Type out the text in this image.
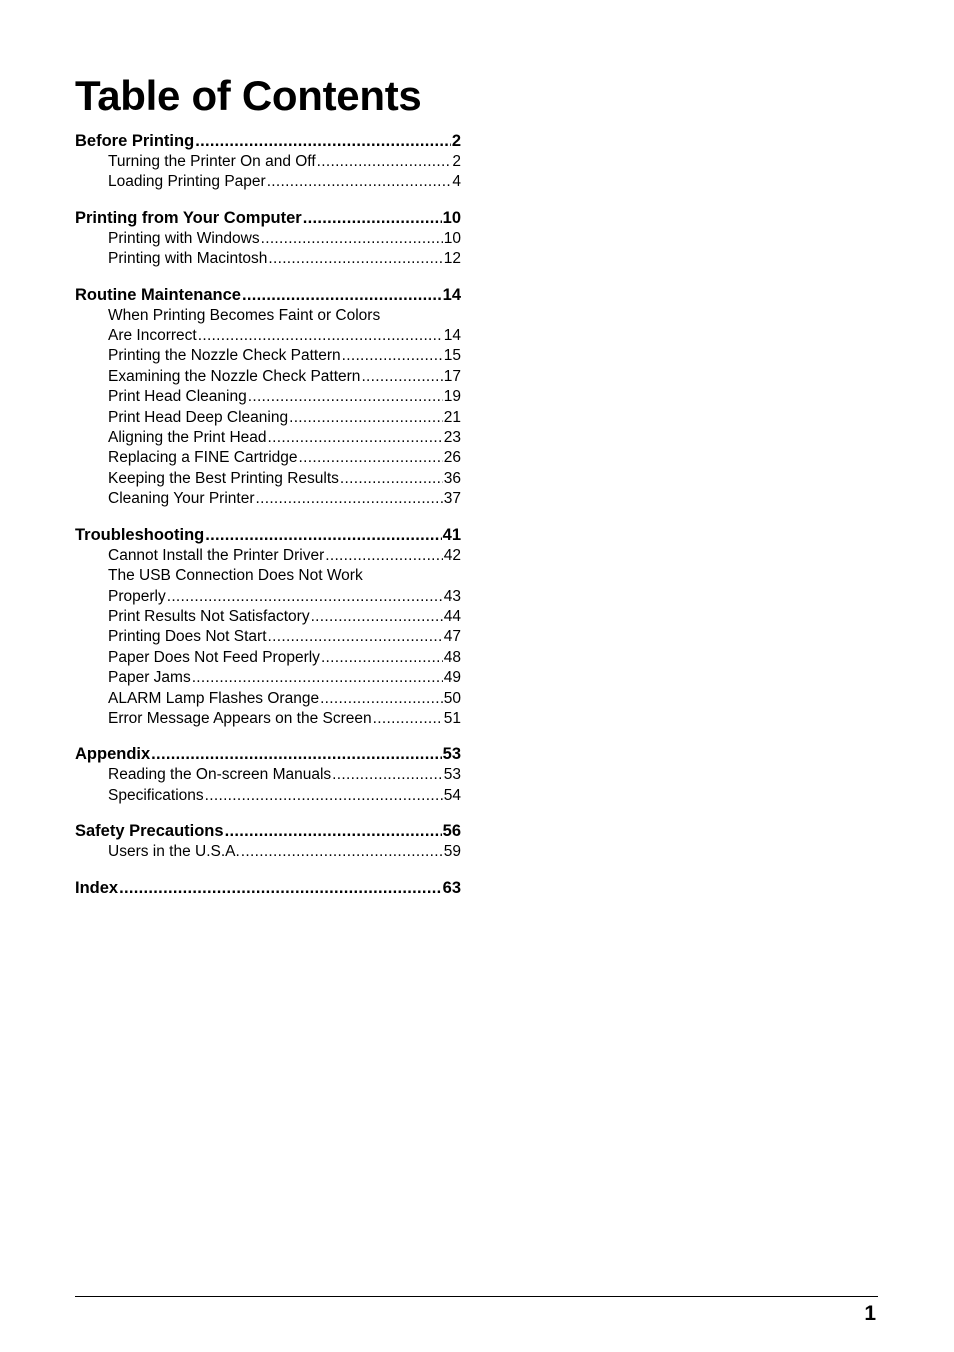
Table of Contents
Before Printing .....	2
Turning the Printer On and Off .....	2
Loading Printing Paper .....	4
Printing from Your Computer .....	10
Printing with Windows .....	10
Printing with Macintosh .....	12
Routine Maintenance .....	14
When Printing Becomes Faint or Colors
Are Incorrect .....	14
Printing the Nozzle Check Pattern .....	15
Examining the Nozzle Check Pattern .....	17
Print Head Cleaning .....	19
Print Head Deep Cleaning .....	21
Aligning the Print Head .....	23
Replacing a FINE Cartridge .....	26
Keeping the Best Printing Results .....	36
Cleaning Your Printer .....	37
Troubleshooting .....	41
Cannot Install the Printer Driver .....	42
The USB Connection Does Not Work
Properly .....	43
Print Results Not Satisfactory .....	44
Printing Does Not Start .....	47
Paper Does Not Feed Properly .....	48
Paper Jams .....	49
ALARM Lamp Flashes Orange .....	50
Error Message Appears on the Screen .....	51
Appendix .....	53
Reading the On-screen Manuals .....	53
Specifications .....	54
Safety Precautions .....	56
Users in the U.S.A. .....	59
Index .....	63
1
